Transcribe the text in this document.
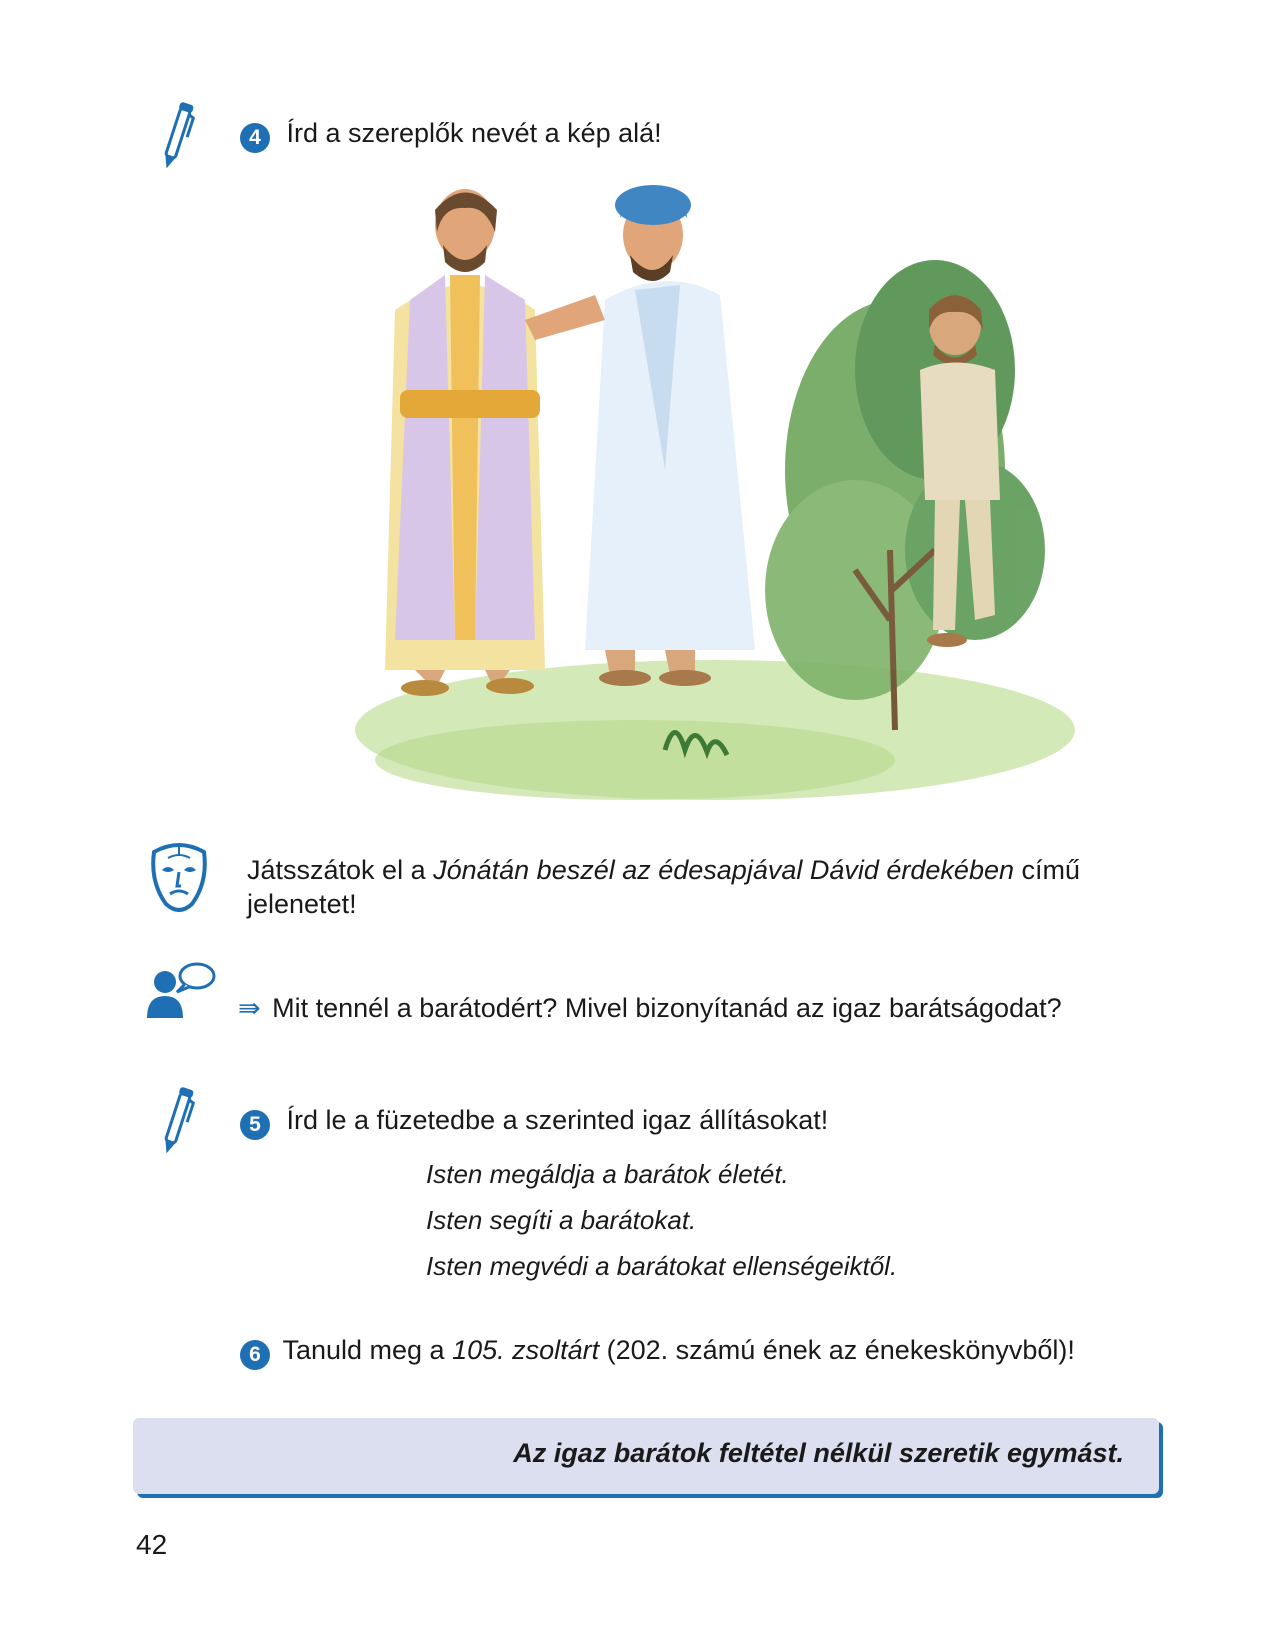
4 Írd a szereplők nevét a kép alá!
Játsszátok el a Jónátán beszél az édesapjával Dávid érdekében című
jelenetet!
⇛ Mit tennél a barátodért? Mivel bizonyítanád az igaz barátságodat?
5 Írd le a füzetedbe a szerinted igaz állításokat!
Isten megáldja a barátok életét.
Isten segíti a barátokat.
Isten megvédi a barátokat ellenségeiktől.
6 Tanuld meg a 105. zsoltárt (202. számú ének az énekeskönyvből)!
Az igaz barátok feltétel nélkül szeretik egymást.
42
